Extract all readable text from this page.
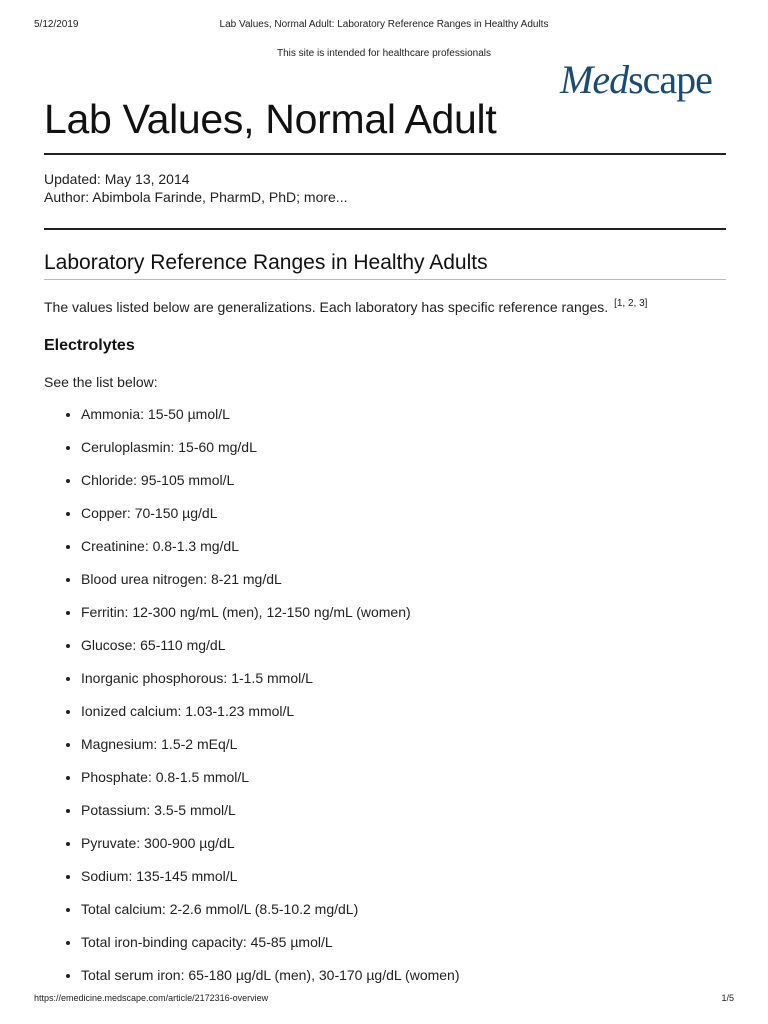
5/12/2019	Lab Values, Normal Adult: Laboratory Reference Ranges in Healthy Adults
This site is intended for healthcare professionals
Medscape
Lab Values, Normal Adult
Updated: May 13, 2014
Author: Abimbola Farinde, PharmD, PhD; more...
Laboratory Reference Ranges in Healthy Adults
The values listed below are generalizations. Each laboratory has specific reference ranges. [1, 2, 3]
Electrolytes
See the list below:
Ammonia: 15-50 µmol/L
Ceruloplasmin: 15-60 mg/dL
Chloride: 95-105 mmol/L
Copper: 70-150 µg/dL
Creatinine: 0.8-1.3 mg/dL
Blood urea nitrogen: 8-21 mg/dL
Ferritin: 12-300 ng/mL (men), 12-150 ng/mL (women)
Glucose: 65-110 mg/dL
Inorganic phosphorous: 1-1.5 mmol/L
Ionized calcium: 1.03-1.23 mmol/L
Magnesium: 1.5-2 mEq/L
Phosphate: 0.8-1.5 mmol/L
Potassium: 3.5-5 mmol/L
Pyruvate: 300-900 µg/dL
Sodium: 135-145 mmol/L
Total calcium: 2-2.6 mmol/L (8.5-10.2 mg/dL)
Total iron-binding capacity: 45-85 µmol/L
Total serum iron: 65-180 µg/dL (men), 30-170 µg/dL (women)
https://emedicine.medscape.com/article/2172316-overview	1/5
